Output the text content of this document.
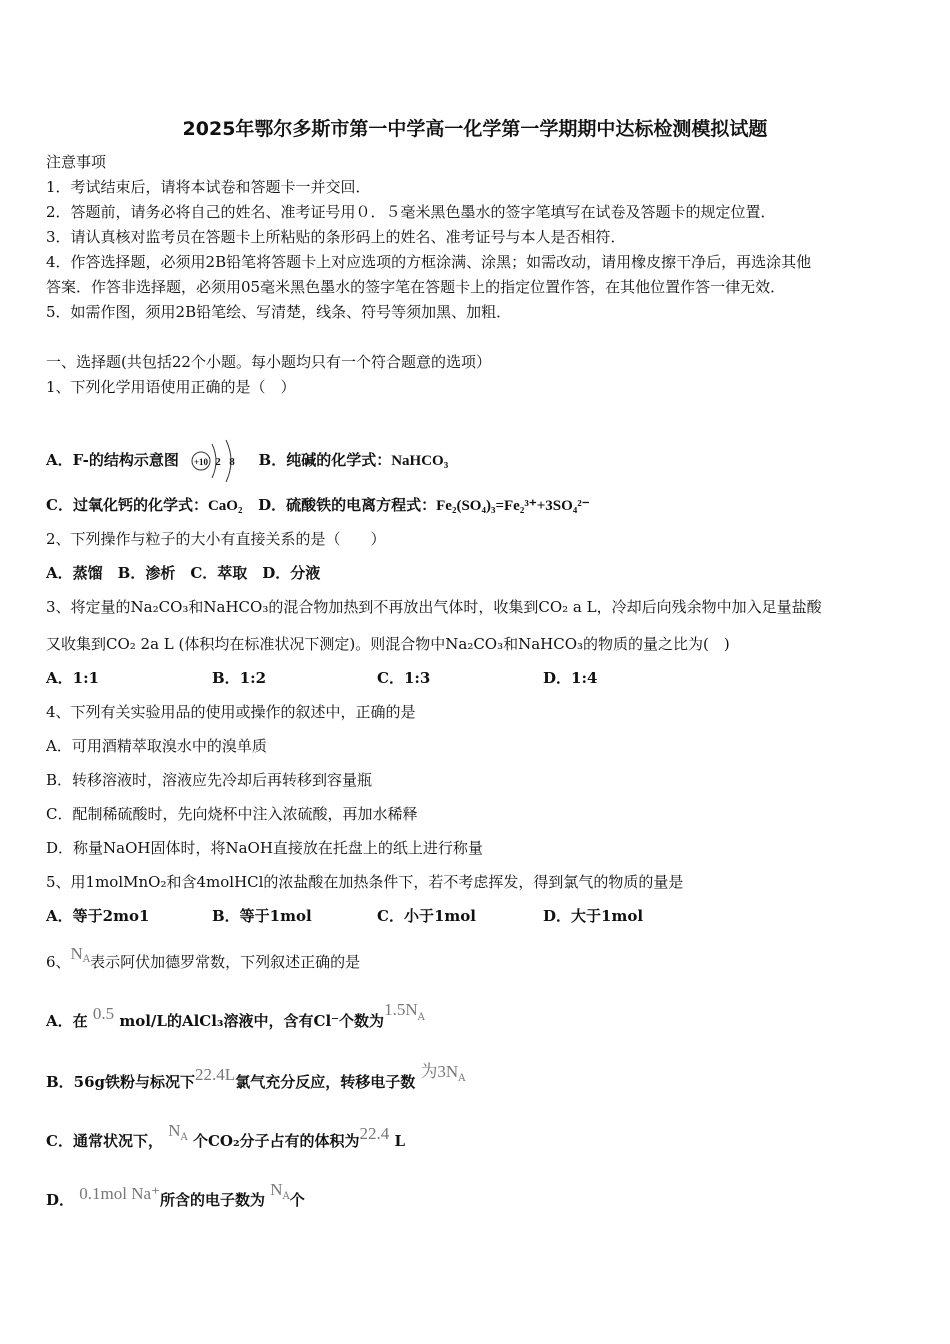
2025年鄂尔多斯市第一中学高一化学第一学期期中达标检测模拟试题
注意事项
1．考试结束后，请将本试卷和答题卡一并交回．
2．答题前，请务必将自己的姓名、准考证号用０．５毫米黑色墨水的签字笔填写在试卷及答题卡的规定位置．
3．请认真核对监考员在答题卡上所粘贴的条形码上的姓名、准考证号与本人是否相符．
4．作答选择题，必须用2B铅笔将答题卡上对应选项的方框涂满、涂黑；如需改动，请用橡皮擦干净后，再选涂其他
答案．作答非选择题，必须用05毫米黑色墨水的签字笔在答题卡上的指定位置作答，在其他位置作答一律无效．
5．如需作图，须用2B铅笔绘、写清楚，线条、符号等须加黑、加粗．
一、选择题(共包括22个小题。每小题均只有一个符合题意的选项）
1、下列化学用语使用正确的是（　）
A．F-的结构示意图 +10 2 8 B．纯碱的化学式：NaHCO₃
C．过氧化钙的化学式：CaO₂ D．硫酸铁的电离方程式：Fe₂(SO₄)₃=Fe₂³⁺+3SO₄²⁻
2、下列操作与粒子的大小有直接关系的是（　　）
A．蒸馏　B．渗析　C．萃取　D．分液
3、将定量的Na₂CO₃和NaHCO₃的混合物加热到不再放出气体时，收集到CO₂ a L，冷却后向残余物中加入足量盐酸
又收集到CO₂ 2a L (体积均在标准状况下测定)。则混合物中Na₂CO₃和NaHCO₃的物质的量之比为(　)
A．1:1	B．1:2	C．1:3	D．1:4
4、下列有关实验用品的使用或操作的叙述中，正确的是
A．可用酒精萃取溴水中的溴单质
B．转移溶液时，溶液应先冷却后再转移到容量瓶
C．配制稀硫酸时，先向烧杯中注入浓硫酸，再加水稀释
D．称量NaOH固体时，将NaOH直接放在托盘上的纸上进行称量
5、用1molMnO₂和含4molHCl的浓盐酸在加热条件下，若不考虑挥发，得到氯气的物质的量是
A．等于2mo1	B．等于1mol	C．小于1mol	D．大于1mol
6、$N^A$表示阿伏加德罗常数，下列叙述正确的是
A．在 0.5 mol/L的AlCl₃溶液中，含有Cl⁻个数为$1.5N^A$
B．56g铁粉与标况下22.4L氯气充分反应，转移电子数 为$3N^A$
C．通常状况下， $N^A$ 个CO₂分子占有的体积为22.4 L
D． 0.1mol Na⁺所含的电子数为 $N^A$个
